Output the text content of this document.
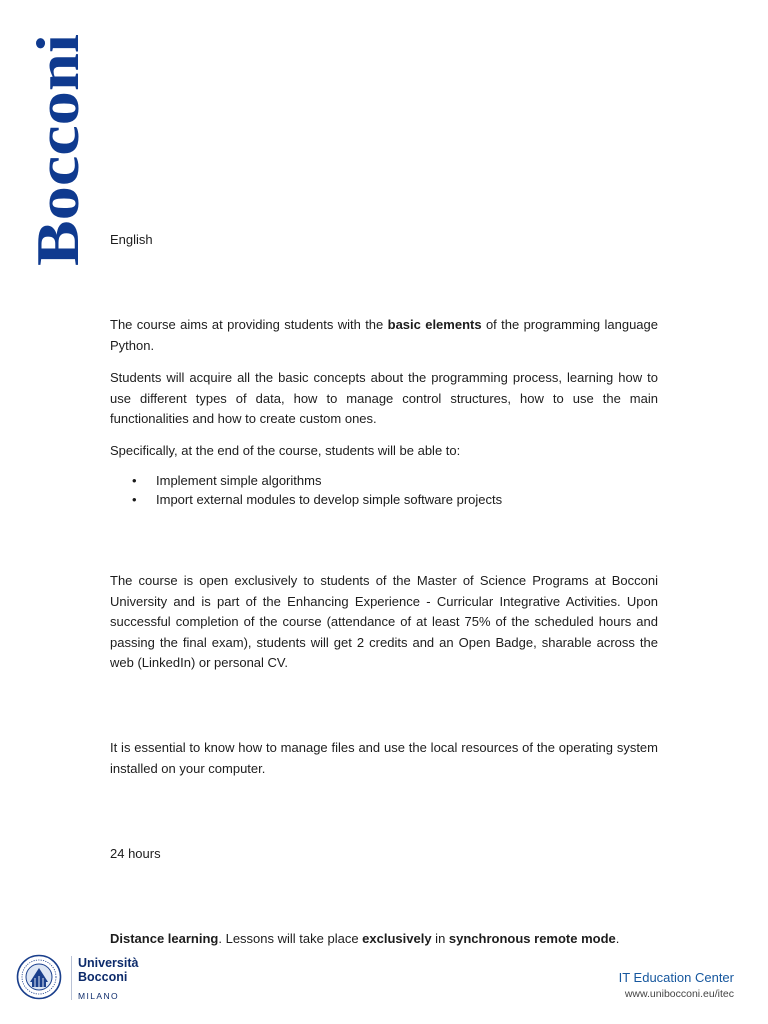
Bocconi English

The course aims at providing students with the basic elements of the programming language Python.

Students will acquire all the basic concepts about the programming process, learning how to use different types of data, how to manage control structures, how to use the main functionalities and how to create custom ones.

Specifically, at the end of the course, students will be able to:

• Implement simple algorithms
• Import external modules to develop simple software projects

The course is open exclusively to students of the Master of Science Programs at Bocconi University and is part of the Enhancing Experience - Curricular Integrative Activities. Upon successful completion of the course (attendance of at least 75% of the scheduled hours and passing the final exam), students will get 2 credits and an Open Badge, sharable across the web (LinkedIn) or personal CV.

It is essential to know how to manage files and use the local resources of the operating system installed on your computer.

24 hours

Distance learning. Lessons will take place exclusively in synchronous remote mode.

Università
Bocconi
MILANO
IT Education Center
www.unibocconi.eu/itec
